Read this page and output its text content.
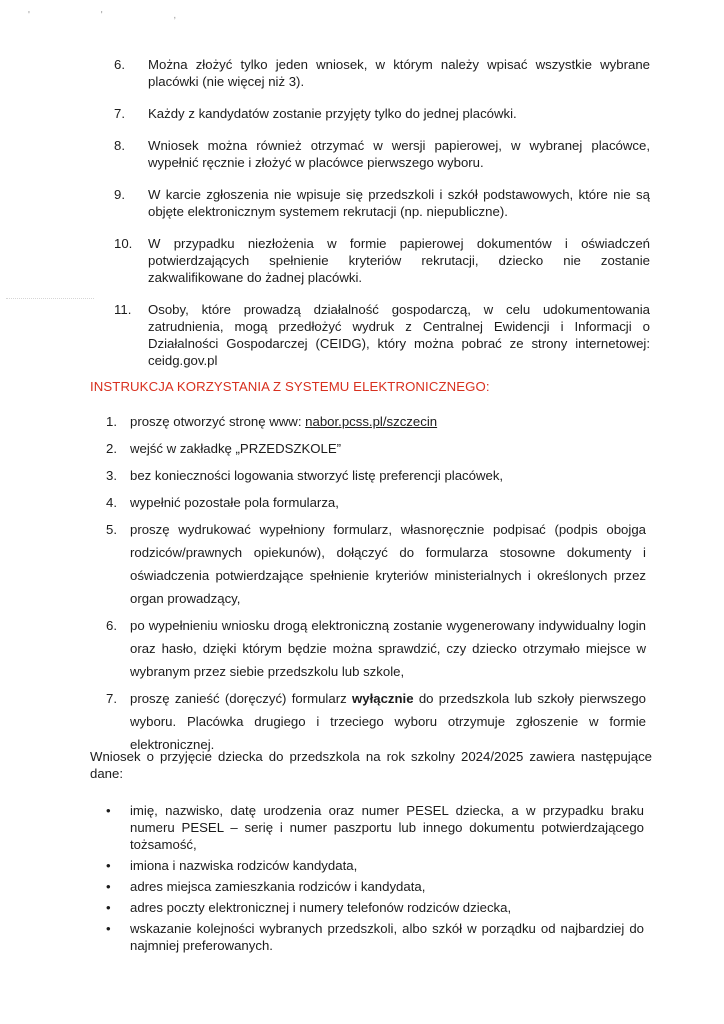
' ' ,
6. Można złożyć tylko jeden wniosek, w którym należy wpisać wszystkie wybrane placówki (nie więcej niż 3).
7. Każdy z kandydatów zostanie przyjęty tylko do jednej placówki.
8. Wniosek można również otrzymać w wersji papierowej, w wybranej placówce, wypełnić ręcznie i złożyć w placówce pierwszego wyboru.
9. W karcie zgłoszenia nie wpisuje się przedszkoli i szkół podstawowych, które nie są objęte elektronicznym systemem rekrutacji (np. niepubliczne).
10. W przypadku niezłożenia w formie papierowej dokumentów i oświadczeń potwierdzających spełnienie kryteriów rekrutacji, dziecko nie zostanie zakwalifikowane do żadnej placówki.
11. Osoby, które prowadzą działalność gospodarczą, w celu udokumentowania zatrudnienia, mogą przedłożyć wydruk z Centralnej Ewidencji i Informacji o Działalności Gospodarczej (CEIDG), który można pobrać ze strony internetowej: ceidg.gov.pl
INSTRUKCJA KORZYSTANIA Z SYSTEMU ELEKTRONICZNEGO:
1. proszę otworzyć stronę www: nabor.pcss.pl/szczecin
2. wejść w zakładkę „PRZEDSZKOLE”
3. bez konieczności logowania stworzyć listę preferencji placówek,
4. wypełnić pozostałe pola formularza,
5. proszę wydrukować wypełniony formularz, własnoręcznie podpisać (podpis obojga rodziców/prawnych opiekunów), dołączyć do formularza stosowne dokumenty i oświadczenia potwierdzające spełnienie kryteriów ministerialnych i określonych przez organ prowadzący,
6. po wypełnieniu wniosku drogą elektroniczną zostanie wygenerowany indywidualny login oraz hasło, dzięki którym będzie można sprawdzić, czy dziecko otrzymało miejsce w wybranym przez siebie przedszkolu lub szkole,
7. proszę zanieść (doręczyć) formularz wyłącznie do przedszkola lub szkoły pierwszego wyboru. Placówka drugiego i trzeciego wyboru otrzymuje zgłoszenie w formie elektronicznej.
Wniosek o przyjęcie dziecka do przedszkola na rok szkolny 2024/2025 zawiera następujące dane:
• imię, nazwisko, datę urodzenia oraz numer PESEL dziecka, a w przypadku braku numeru PESEL – serię i numer paszportu lub innego dokumentu potwierdzającego tożsamość,
• imiona i nazwiska rodziców kandydata,
• adres miejsca zamieszkania rodziców i kandydata,
• adres poczty elektronicznej i numery telefonów rodziców dziecka,
• wskazanie kolejności wybranych przedszkoli, albo szkół w porządku od najbardziej do najmniej preferowanych.
